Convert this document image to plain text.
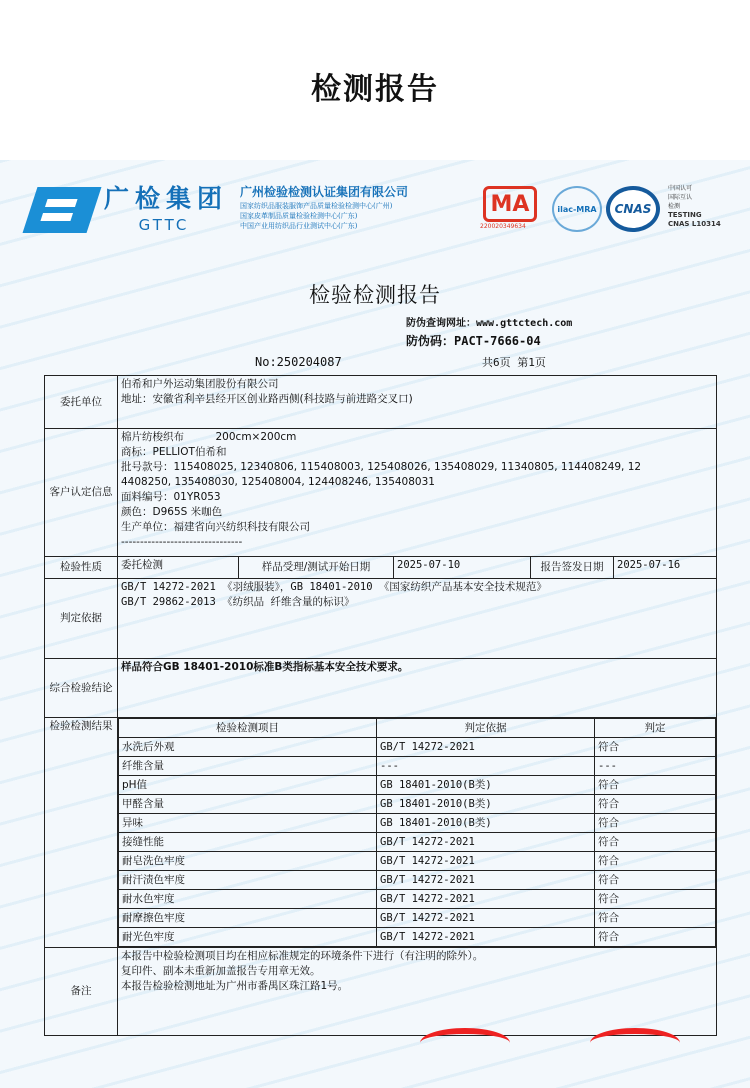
检测报告
广检集团
GTTC
广州检验检测认证集团有限公司
国家纺织品服装服饰产品质量检验检测中心(广州)
国家皮革制品质量检验检测中心(广东)
中国产业用纺织品行业测试中心(广东)
MA
220020349634
ilac-MRA	CNAS
中国认可
国际互认
检测
TESTING
CNAS L10314
检验检测报告
防伪查询网址：www.gttctech.com
防伪码：PACT-7666-04
No:250204087	共6页 第1页
委托单位	
伯希和户外运动集团股份有限公司
地址：安徽省利辛县经开区创业路西侧(科技路与前进路交叉口)

客户认定信息	
棉片纺梭织布　　　200cm×200cm
商标：PELLIOT伯希和
批号款号：115408025, 12340806, 115408003, 125408026, 135408029, 11340805, 114408249, 12
4408250, 135408030, 125408004, 124408246, 135408031
面料编号：01YR053
颜色：D965S 米咖色
生产单位：福建省向兴纺织科技有限公司
--------------------------------

检验性质	委托检测	样品受理/测试开始日期	2025-07-10	报告签发日期	2025-07-16
判定依据	
GB/T 14272-2021 《羽绒服装》，GB 18401-2010 《国家纺织产品基本安全技术规范》
GB/T 29862-2013 《纺织品 纤维含量的标识》

综合检验结论	样品符合GB 18401-2010标准B类指标基本安全技术要求。
检验检测结果		检验检测项目	判定依据	判定
水洗后外观	GB/T 14272-2021	符合
纤维含量	---	---
pH值	GB 18401-2010(B类)	符合
甲醛含量	GB 18401-2010(B类)	符合
异味	GB 18401-2010(B类)	符合
接缝性能	GB/T 14272-2021	符合
耐皂洗色牢度	GB/T 14272-2021	符合
耐汗渍色牢度	GB/T 14272-2021	符合
耐水色牢度	GB/T 14272-2021	符合
耐摩擦色牢度	GB/T 14272-2021	符合
耐光色牢度	GB/T 14272-2021	符合

备注	
本报告中检验检测项目均在相应标准规定的环境条件下进行（有注明的除外）。
复印件、副本未重新加盖报告专用章无效。
本报告检验检测地址为广州市番禺区珠江路1号。
